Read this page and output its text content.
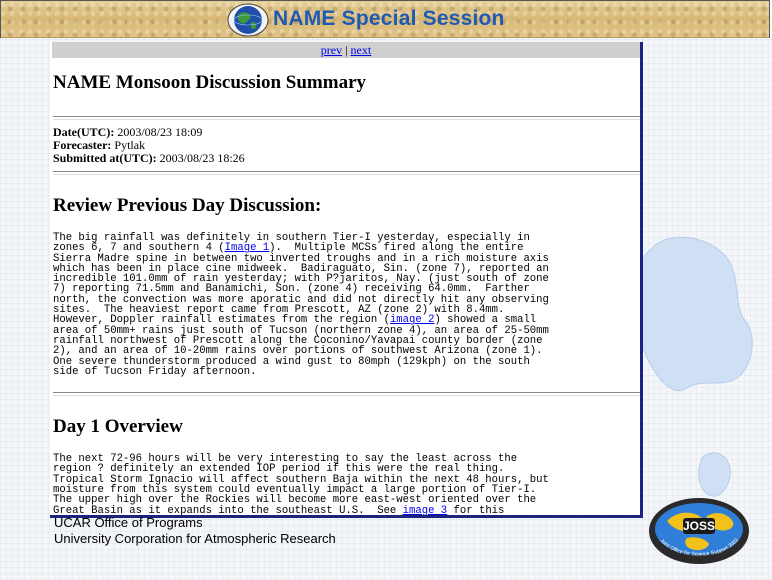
NAME Special Session
prev | next
NAME Monsoon Discussion Summary
Date(UTC): 2003/08/23 18:09
Forecaster: Pytlak
Submitted at(UTC): 2003/08/23 18:26
Review Previous Day Discussion:
The big rainfall was definitely in southern Tier-I yesterday, especially in
zones 6, 7 and southern 4 (Image 1).  Multiple MCSs fired along the entire
Sierra Madre spine in between two inverted troughs and in a rich moisture axis
which has been in place cine midweek.  Badiraguato, Sin. (zone 7), reported an
incredible 101.0mm of rain yesterday; with P?jaritos, Nay. (just south of zone
7) reporting 71.5mm and Banamichi, Son. (zone 4) receiving 64.0mm.  Farther
north, the convection was more aporatic and did not directly hit any observing
sites.  The heaviest report came from Prescott, AZ (zone 2) with 8.4mm.
However, Doppler rainfall estimates from the region (image 2) showed a small
area of 50mm+ rains just south of Tucson (northern zone 4), an area of 25-50mm
rainfall northwest of Prescott along the Coconino/Yavapai county border (zone
2), and an area of 10-20mm rains over portions of southwest Arizona (zone 1).
One severe thunderstorm produced a wind gust to 80mph (129kph) on the south
side of Tucson Friday afternoon.
Day 1 Overview
The next 72-96 hours will be very interesting to say the least across the
region ? definitely an extended IOP period if this were the real thing.
Tropical Storm Ignacio will affect southern Baja within the next 48 hours, but
moisture from this system could eventually impact a large portion of Tier-I.
The upper high over the Rockies will become more east-west oriented over the
Great Basin as it expands into the southeast U.S.  See image 3 for this

UCAR Office of Programs
University Corporation for Atmospheric Research
JOSS
Joint Office for Science Support 2003
